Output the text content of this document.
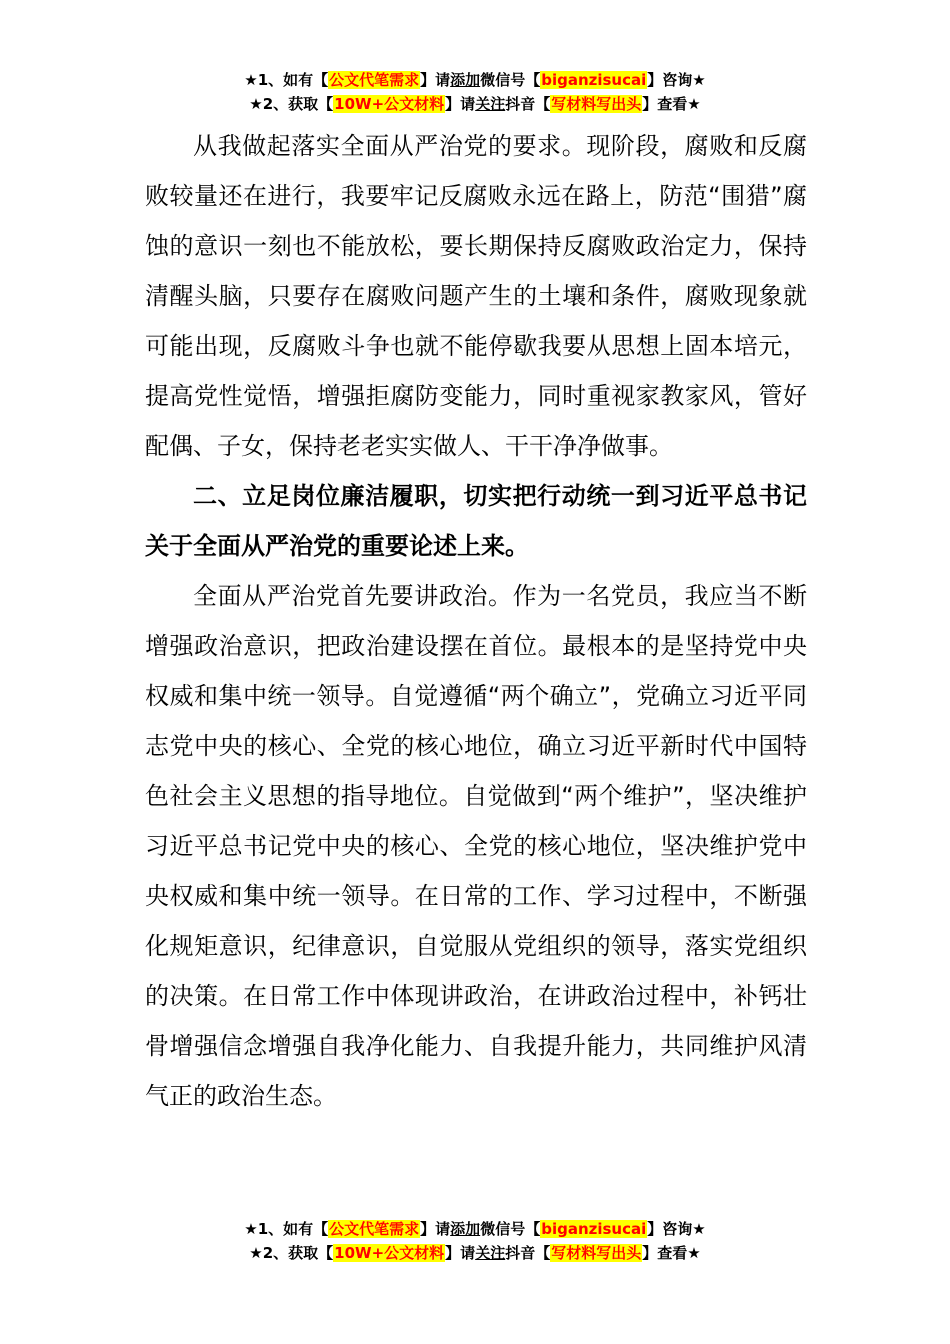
★1、如有【公文代笔需求】请添加微信号【biganzisucai】咨询★
★2、获取【10W+公文材料】请关注抖音【写材料写出头】查看★

从我做起落实全面从严治党的要求。现阶段，腐败和反腐败较量还在进行，我要牢记反腐败永远在路上，防范“围猎”腐蚀的意识一刻也不能放松，要长期保持反腐败政治定力，保持清醒头脑，只要存在腐败问题产生的土壤和条件，腐败现象就可能出现，反腐败斗争也就不能停歇我要从思想上固本培元，提高党性觉悟，增强拒腐防变能力，同时重视家教家风，管好配偶、子女，保持老老实实做人、干干净净做事。

二、立足岗位廉洁履职，切实把行动统一到习近平总书记关于全面从严治党的重要论述上来。

全面从严治党首先要讲政治。作为一名党员，我应当不断增强政治意识，把政治建设摆在首位。最根本的是坚持党中央权威和集中统一领导。自觉遵循“两个确立”，党确立习近平同志党中央的核心、全党的核心地位，确立习近平新时代中国特色社会主义思想的指导地位。自觉做到“两个维护”，坚决维护习近平总书记党中央的核心、全党的核心地位，坚决维护党中央权威和集中统一领导。在日常的工作、学习过程中，不断强化规矩意识，纪律意识，自觉服从党组织的领导，落实党组织的决策。在日常工作中体现讲政治，在讲政治过程中，补钙壮骨增强信念增强自我净化能力、自我提升能力，共同维护风清气正的政治生态。

★1、如有【公文代笔需求】请添加微信号【biganzisucai】咨询★
★2、获取【10W+公文材料】请关注抖音【写材料写出头】查看★
